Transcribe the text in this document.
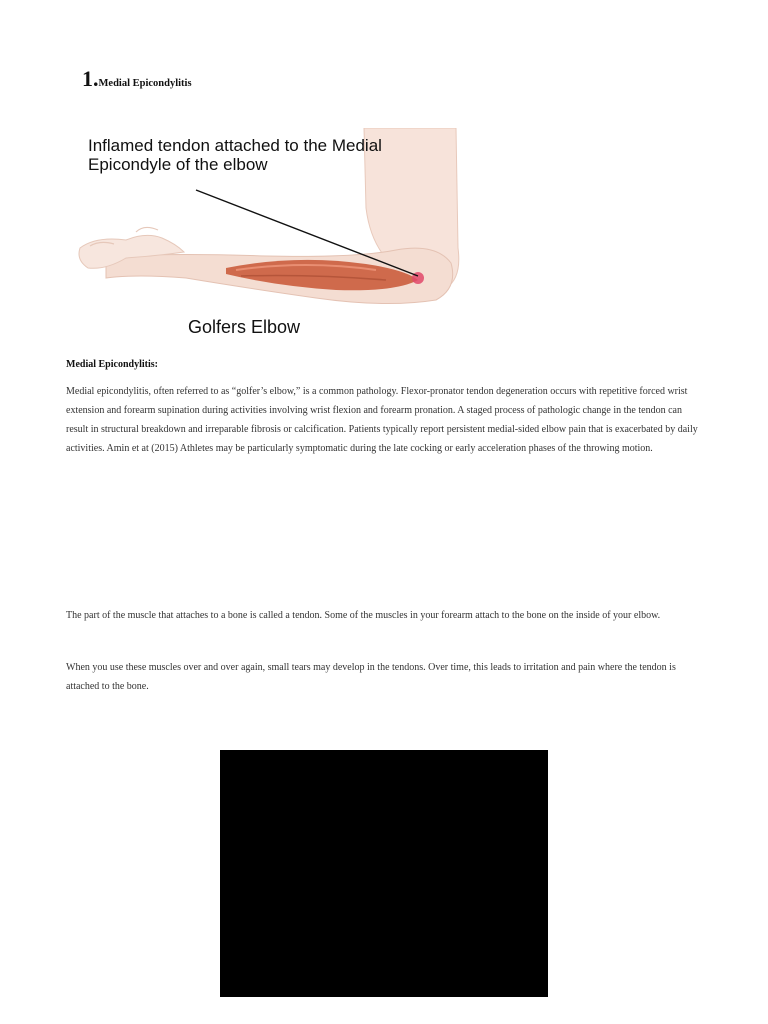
1. Medial Epicondylitis
Inflamed tendon attached to the Medial Epicondyle of the elbow
Golfers Elbow
Medial Epicondylitis:
Medial epicondylitis, often referred to as “golfer’s elbow,” is a common pathology. Flexor-pronator tendon degeneration occurs with repetitive forced wrist extension and forearm supination during activities involving wrist flexion and forearm pronation. A staged process of pathologic change in the tendon can result in structural breakdown and irreparable fibrosis or calcification. Patients typically report persistent medial-sided elbow pain that is exacerbated by daily activities. Amin et at (2015) Athletes may be particularly symptomatic during the late cocking or early acceleration phases of the throwing motion.
The part of the muscle that attaches to a bone is called a tendon. Some of the muscles in your forearm attach to the bone on the inside of your elbow.
When you use these muscles over and over again, small tears may develop in the tendons. Over time, this leads to irritation and pain where the tendon is attached to the bone.
